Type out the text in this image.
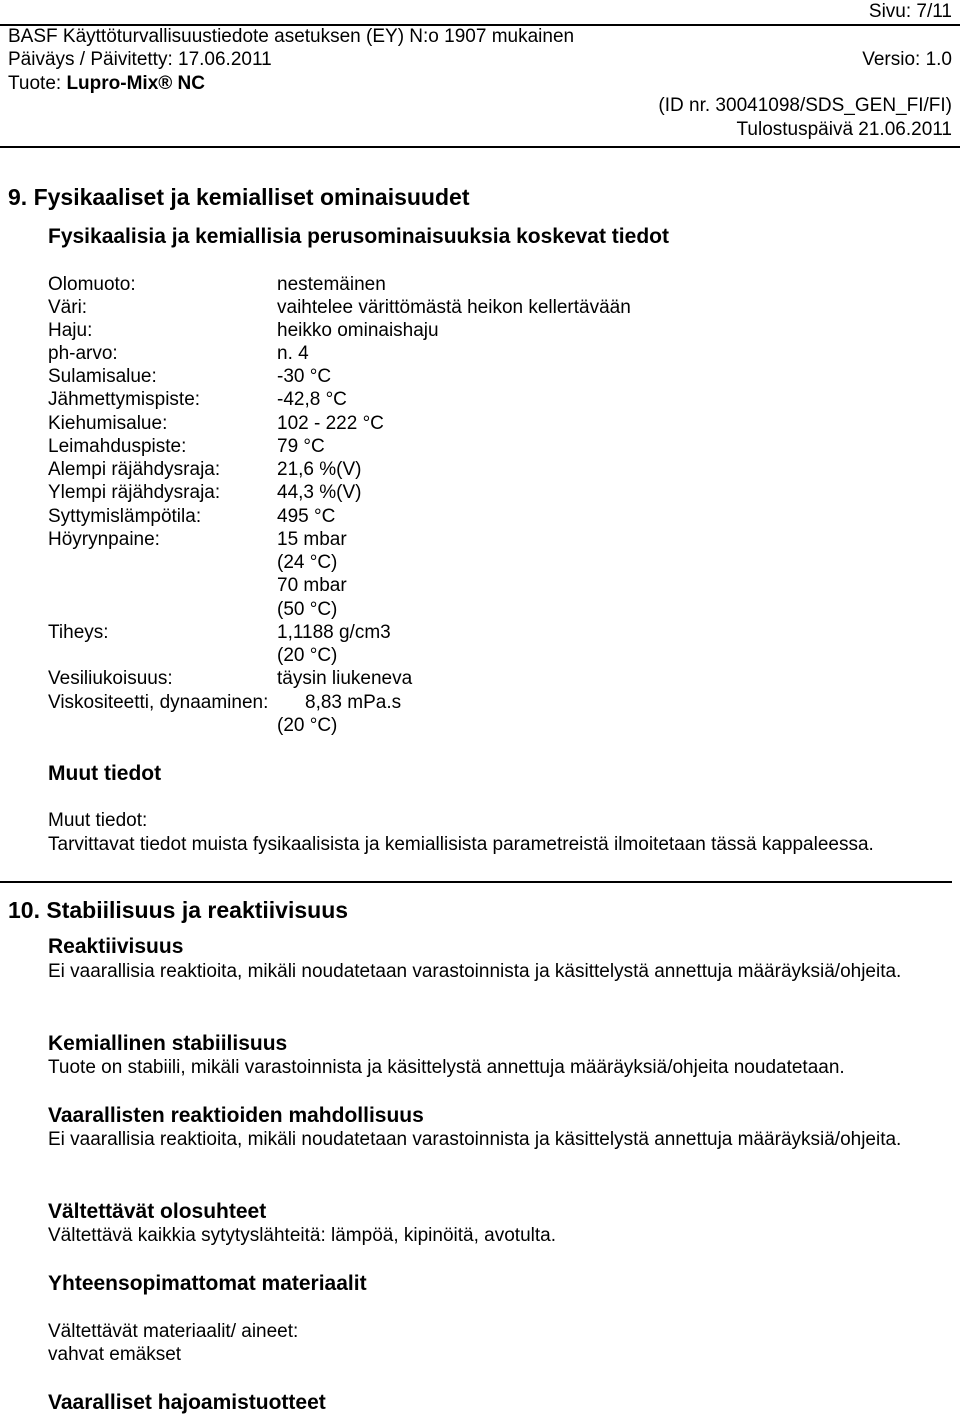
Sivu: 7/11
BASF Käyttöturvallisuustiedote asetuksen (EY) N:o 1907 mukainen
Päiväys / Päivitetty: 17.06.2011	Versio: 1.0
Tuote: Lupro-Mix® NC
(ID nr. 30041098/SDS_GEN_FI/FI)
Tulostuspäivä 21.06.2011
9. Fysikaaliset ja kemialliset ominaisuudet
Fysikaalisia ja kemiallisia perusominaisuuksia koskevat tiedot
Olomuoto:	nestemäinen
Väri:	vaihtelee värittömästä heikon kellertävään
Haju:	heikko ominaishaju
ph-arvo:	n. 4
Sulamisalue:	-30 °C
Jähmettymispiste:	-42,8 °C
Kiehumisalue:	102 - 222 °C
Leimahduspiste:	79 °C
Alempi räjähdysraja:	21,6 %(V)
Ylempi räjähdysraja:	44,3 %(V)
Syttymislämpötila:	495 °C
Höyrynpaine:	15 mbar
(24 °C)
70 mbar
(50 °C)
Tiheys:	1,1188 g/cm3
(20 °C)
Vesiliukoisuus:	täysin liukeneva
Viskositeetti, dynaaminen: 8,83 mPa.s
(20 °C)
Muut tiedot
Muut tiedot:
Tarvittavat tiedot muista fysikaalisista ja kemiallisista parametreistä ilmoitetaan tässä kappaleessa.
10. Stabiilisuus ja reaktiivisuus
Reaktiivisuus
Ei vaarallisia reaktioita, mikäli noudatetaan varastoinnista ja käsittelystä annettuja määräyksiä/ohjeita.
Kemiallinen stabiilisuus
Tuote on stabiili, mikäli varastoinnista ja käsittelystä annettuja määräyksiä/ohjeita noudatetaan.
Vaarallisten reaktioiden mahdollisuus
Ei vaarallisia reaktioita, mikäli noudatetaan varastoinnista ja käsittelystä annettuja määräyksiä/ohjeita.
Vältettävät olosuhteet
Vältettävä kaikkia sytytyslähteitä: lämpöä, kipinöitä, avotulta.
Yhteensopimattomat materiaalit
Vältettävät materiaalit/ aineet:
vahvat emäkset
Vaaralliset hajoamistuotteet
